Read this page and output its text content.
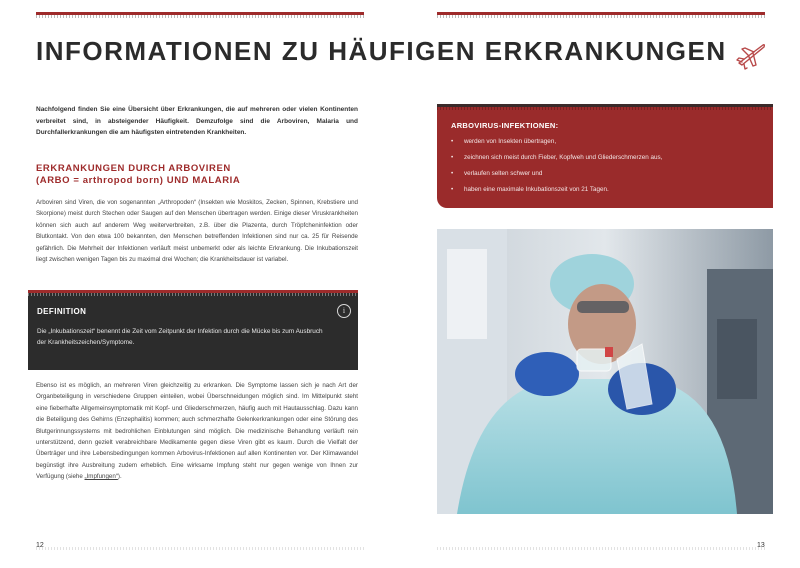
INFORMATIONEN ZU HÄUFIGEN ERKRANKUNGEN

Nachfolgend finden Sie eine Übersicht über Erkrankungen, die auf mehreren oder vielen Kontinenten verbreitet sind, in absteigender Häufigkeit. Demzufolge sind die Arboviren, Malaria und Durchfallerkrankungen die am häufigsten eintretenden Krankheiten.

ERKRANKUNGEN DURCH ARBOVIREN
(ARBO = arthropod born) UND MALARIA

Arboviren sind Viren, die von sogenannten „Arthropoden“ (Insekten wie Moskitos, Zecken, Spinnen, Krebstiere und Skorpione) meist durch Stechen oder Saugen auf den Menschen übertragen werden. Einige dieser Viruskrankheiten können sich auch auf anderem Weg weiterverbreiten, z.B. über die Plazenta, durch Tröpfcheninfektion oder Blutkontakt. Von den etwa 100 bekannten, den Menschen betreffenden Infektionen sind nur ca. 25 für Reisende gefährlich. Die Mehrheit der Infektionen verläuft meist unbemerkt oder als leichte Erkrankung. Die Inkubationszeit liegt zwischen wenigen Tagen bis zu maximal drei Wochen; die Krankheitsdauer ist variabel.

DEFINITION	i

Die „Inkubationszeit“ benennt die Zeit vom Zeitpunkt der Infektion durch die Mücke bis zum Ausbruch der Krankheitszeichen/Symptome.

Ebenso ist es möglich, an mehreren Viren gleichzeitig zu erkranken. Die Symptome lassen sich je nach Art der Organbeteiligung in verschiedene Gruppen einteilen, wobei Überschneidungen möglich sind. Im Mittelpunkt steht eine fieberhafte Allgemeinsymptomatik mit Kopf- und Gliederschmerzen, häufig auch mit Hautausschlag. Dazu kann die Beteiligung des Gehirns (Enzephalitis) kommen; auch schmerzhafte Gelenkerkrankungen oder eine Störung des Blutgerinnungssystems mit bedrohlichen Einblutungen sind möglich. Die medizinische Behandlung verläuft rein unterstützend, denn gezielt verabreichbare Medikamente gegen diese Viren gibt es kaum. Durch die Vielfalt der Überträger und ihre Lebensbedingungen kommen Arbovirus-Infektionen auf allen Kontinenten vor. Der Klimawandel begünstigt ihre Ausbreitung zudem erheblich. Eine wirksame Impfung steht nur gegen wenige von Ihnen zur Verfügung (siehe „Impfungen“).

ARBOVIRUS-INFEKTIONEN:
• werden von Insekten übertragen,
• zeichnen sich meist durch Fieber, Kopfweh und Gliederschmerzen aus,
• verlaufen selten schwer und
• haben eine maximale Inkubationszeit von 21 Tagen.
12	13
